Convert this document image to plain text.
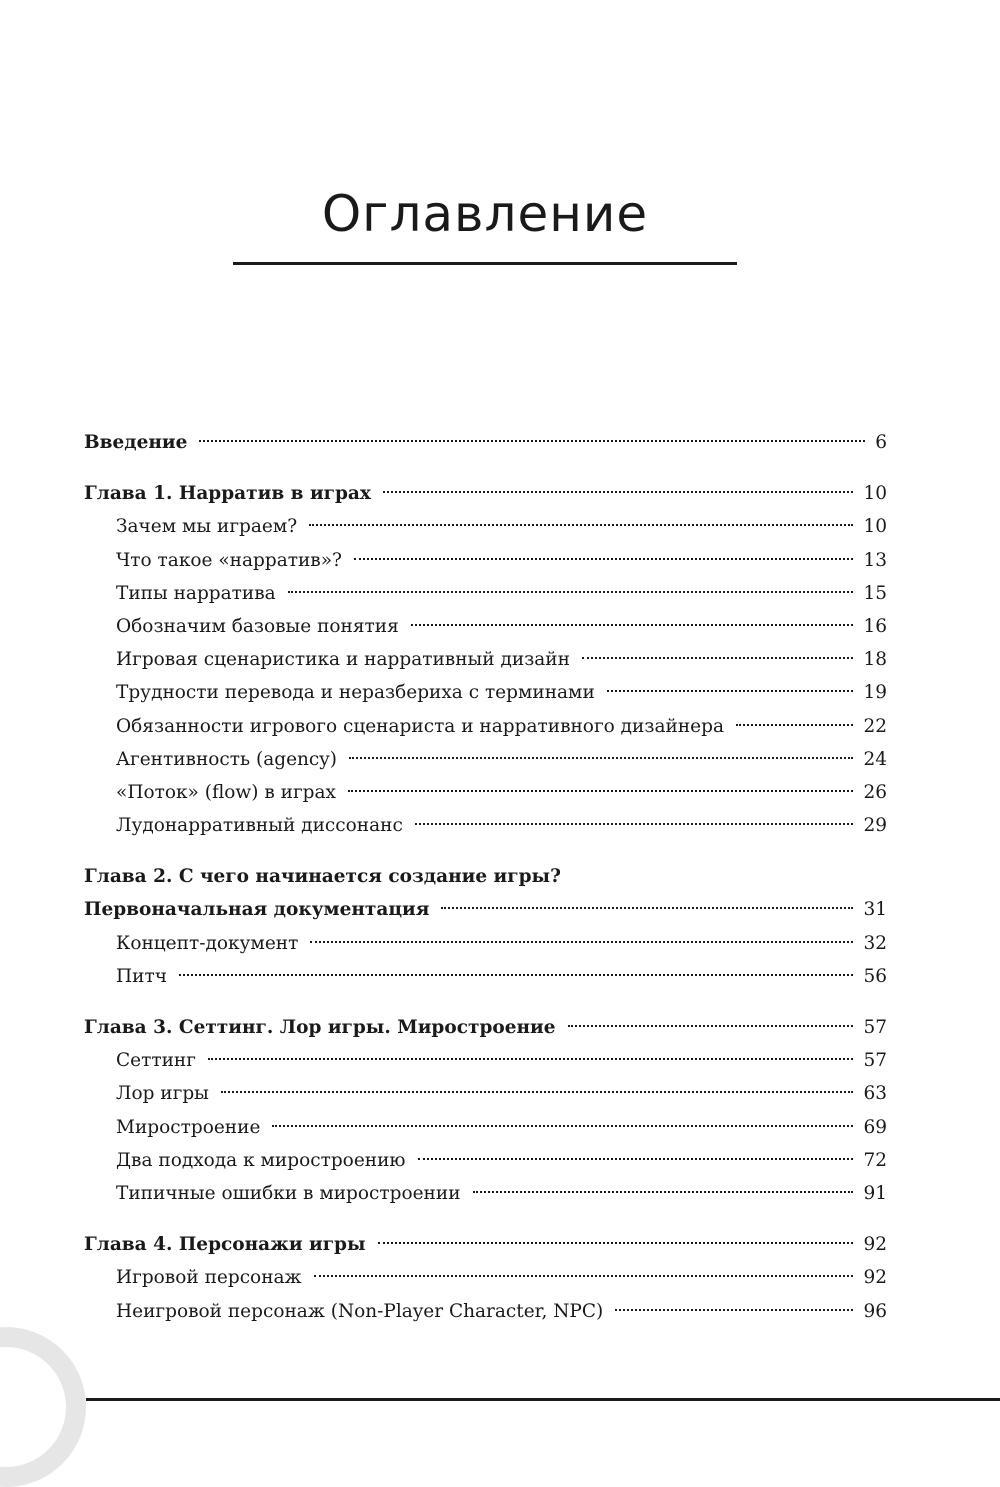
Оглавление
Введение	6
Глава 1. Нарратив в играх	10
Зачем мы играем?	10
Что такое «нарратив»?	13
Типы нарратива	15
Обозначим базовые понятия	16
Игровая сценаристика и нарративный дизайн	18
Трудности перевода и неразбериха с терминами	19
Обязанности игрового сценариста и нарративного дизайнера	22
Агентивность (agency)	24
«Поток» (flow) в играх	26
Лудонарративный диссонанс	29
Глава 2. С чего начинается создание игры?
Первоначальная документация	31
Концепт-документ	32
Питч	56
Глава 3. Сеттинг. Лор игры. Миростроение	57
Сеттинг	57
Лор игры	63
Миростроение	69
Два подхода к миростроению	72
Типичные ошибки в миростроении	91
Глава 4. Персонажи игры	92
Игровой персонаж	92
Неигровой персонаж (Non-Player Character, NPC)	96
